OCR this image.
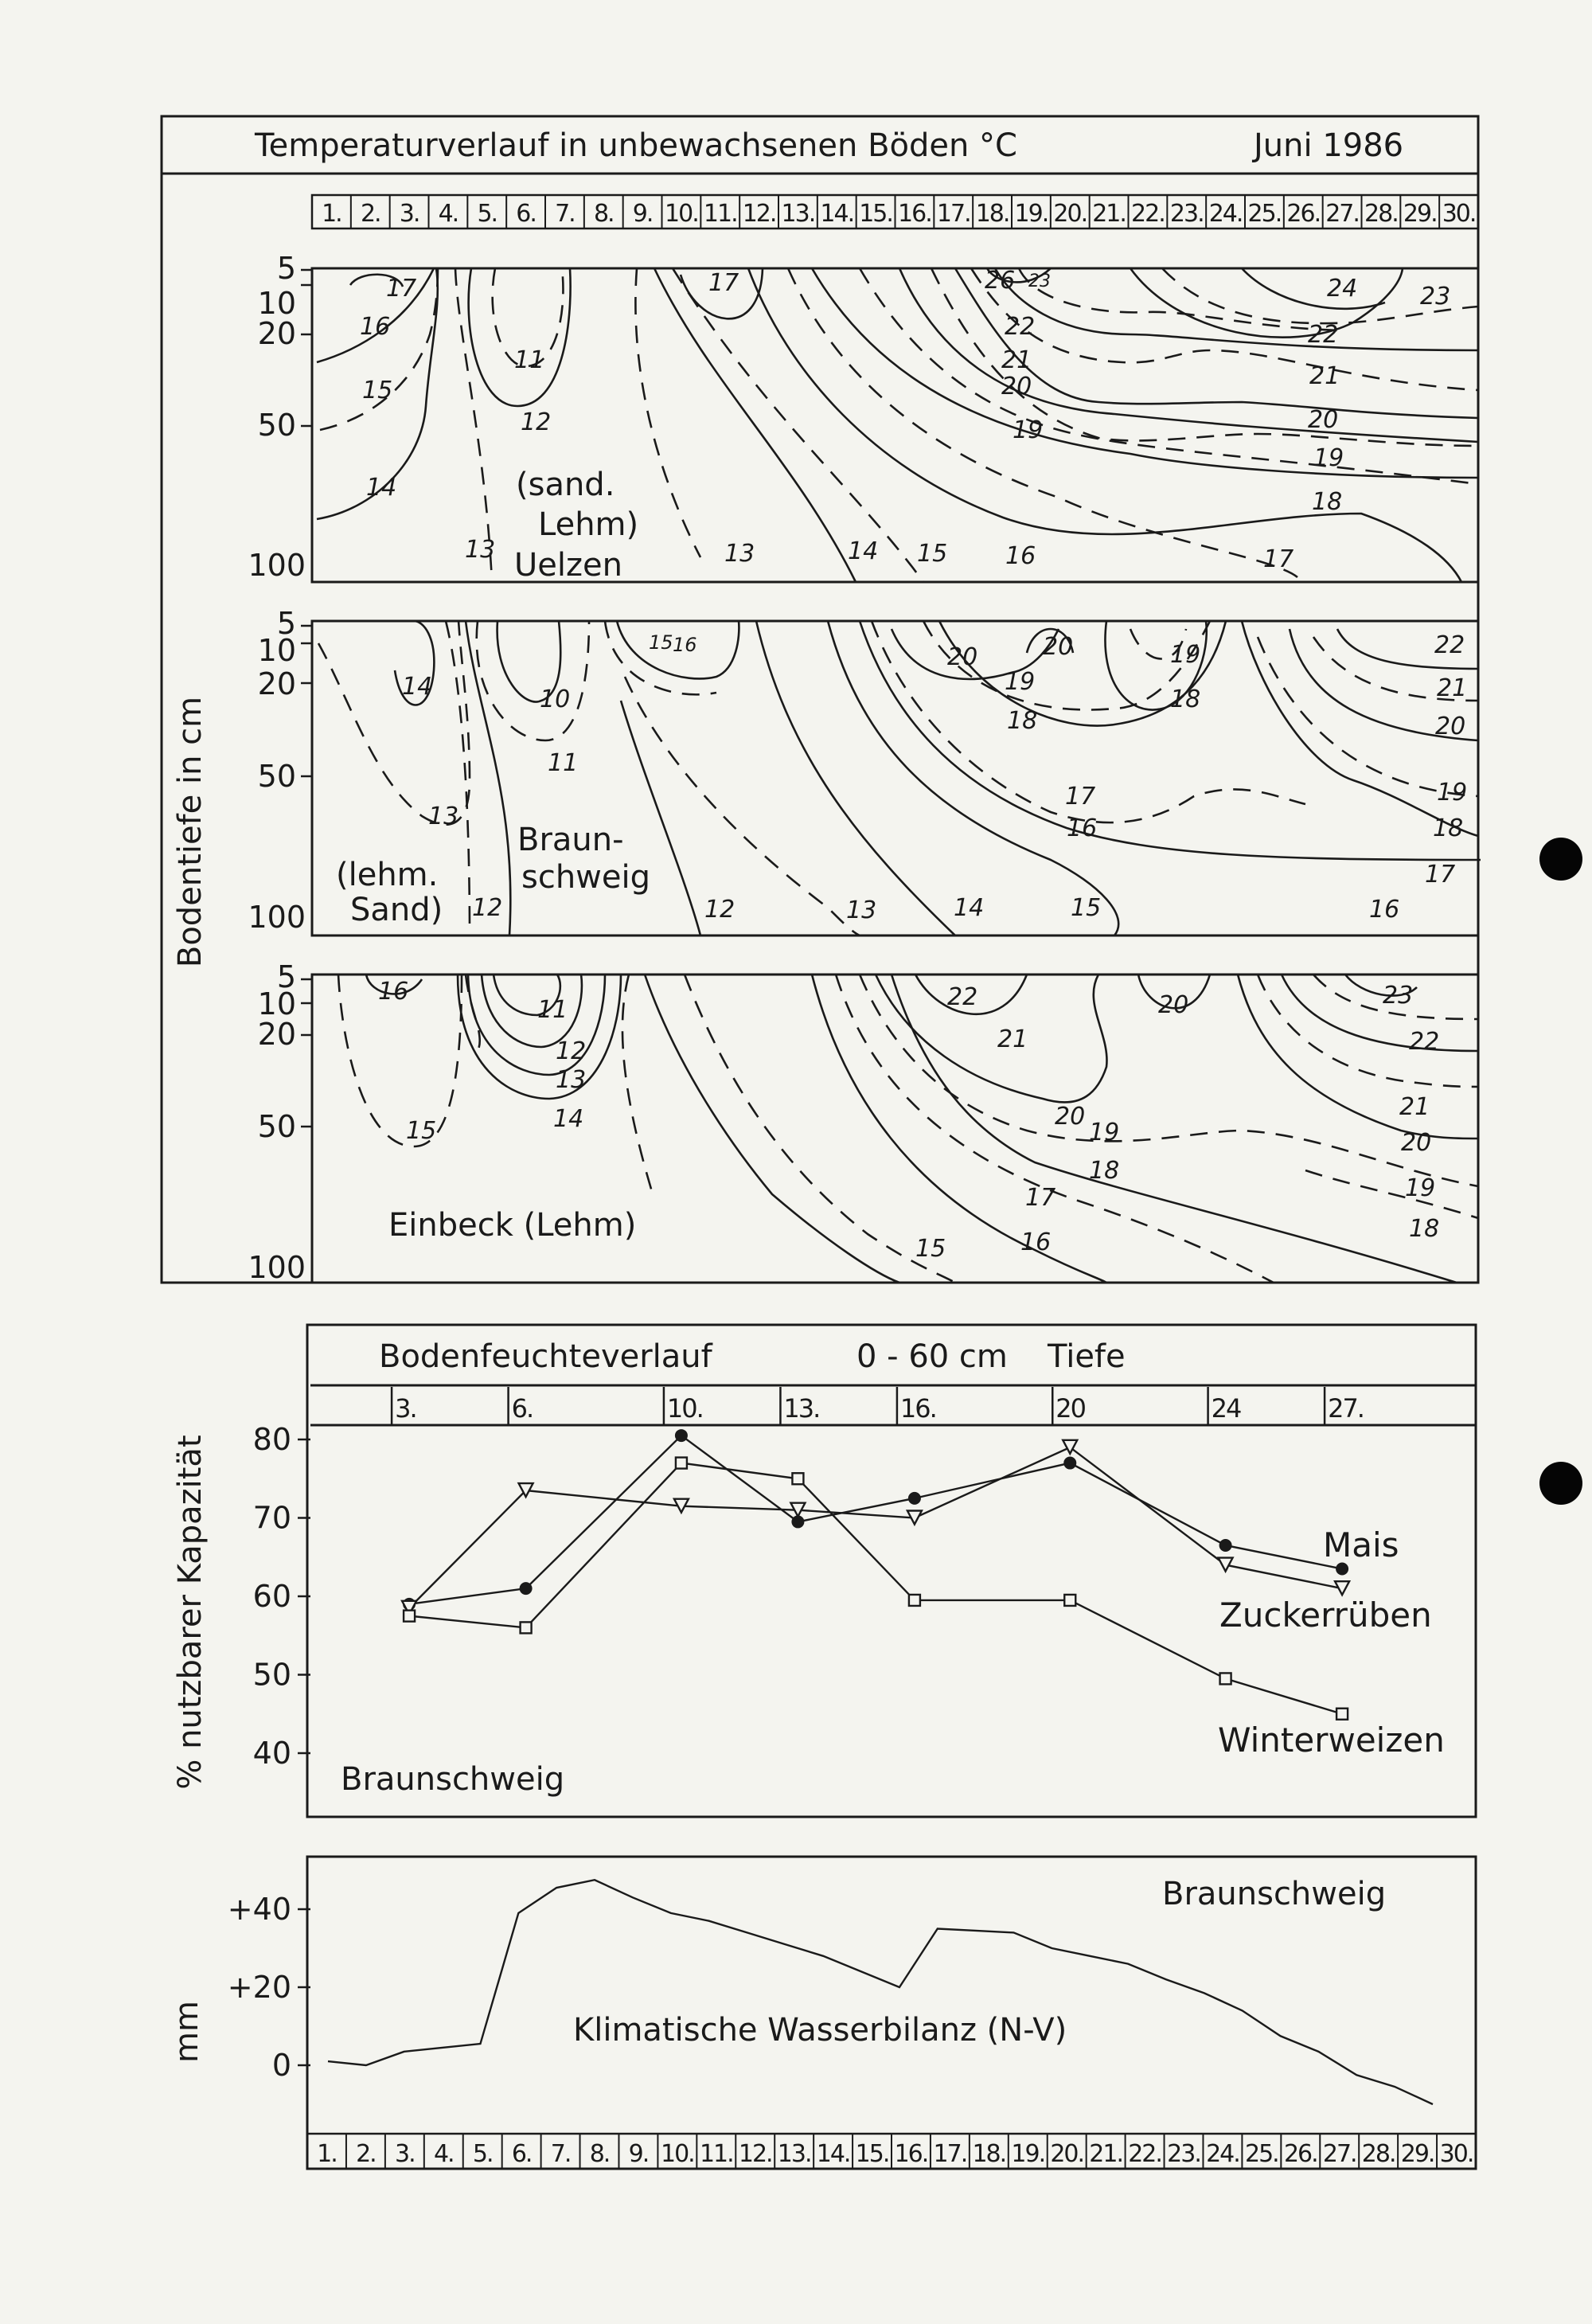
Temperaturverlauf in unbewachsenen Böden °C	Juni 1986
1. 2. 3. 4. 5. 6. 7. 8. 9. 10. 11. 12. 13. 14. 15. 16. 17. 18. 19. 20. 21. 22. 23. 24. 25. 26. 27. 28. 29. 30.
Bodentiefe in cm
5
10
20
50
100
17
16
15
14
11
12
13	13
17
14 15 16
26 23
22
21
20
19
24	23
22
21
20
19
18
17
(sand.
Lehm)
Uelzen
5
10
20
50
100
14
13
12
10
11
15 16
12	13	14	15
20	20
19
18
19
18
17
16
22
21
20
19
18
17
16
Braun-
schweig
(lehm.
Sand)
5
10
20
50
100
16
15
11
12
13
14
22
21
20
20
19
18
17
16
15
23
22
21
20
19
18
Einbeck (Lehm)
Bodenfeuchteverlauf	0 - 60 cm Tiefe
3.	6.	10.	13.	16.	20	24	27.
% nutzbarer Kapazität 40
50
60
70
80
Mais
Zuckerrüben
Winterweizen
Braunschweig
mm
0
+20
+40	Braunschweig
Klimatische Wasserbilanz (N-V)
1. 2. 3. 4. 5. 6. 7. 8. 9. 10. 11. 12. 13. 14. 15. 16. 17. 18. 19. 20. 21. 22. 23. 24. 25. 26. 27. 28. 29. 30.
